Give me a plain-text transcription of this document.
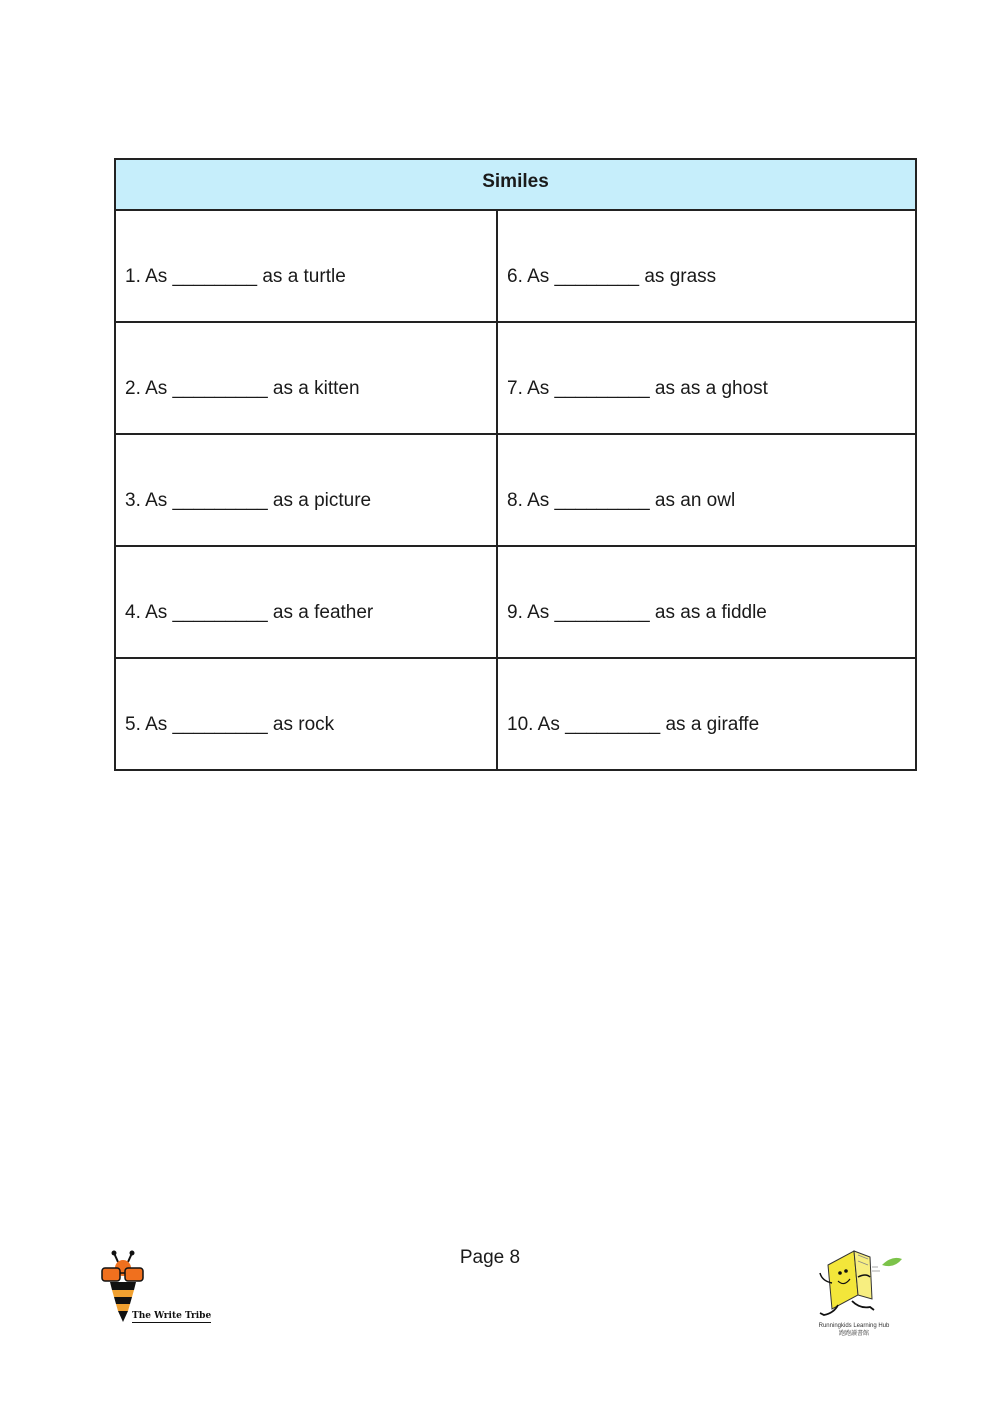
Similes	
1. As ________ as a turtle	6. As ________ as grass
2. As _________ as a kitten	7. As _________ as as a ghost
3. As _________ as a picture	8. As _________ as an owl
4. As _________ as a feather	9. As _________ as as a fiddle
5. As _________ as rock	10. As _________ as a giraffe
Page 8
The Write Tribe
Runningkids Learning Hub
跑跑讀書館
